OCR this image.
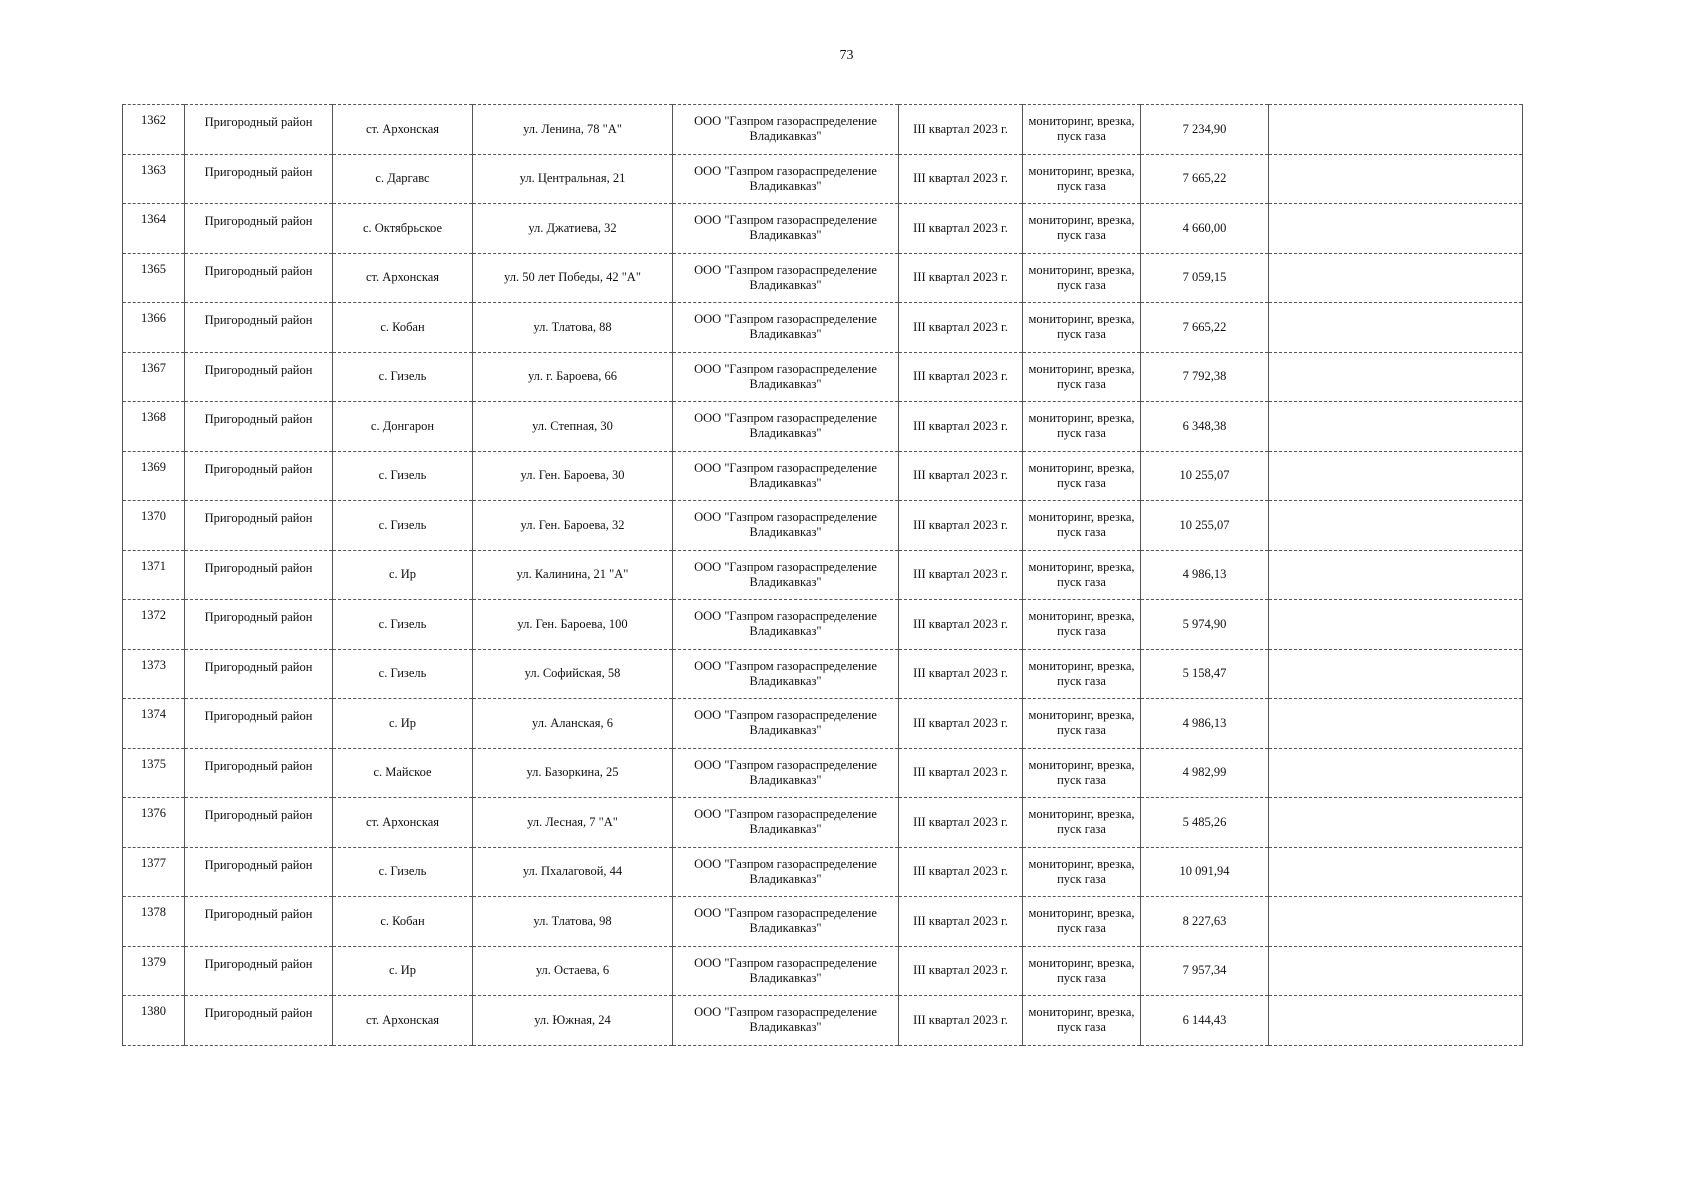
73
1362	Пригородный район	ст. Архонская	ул. Ленина, 78 "А"	ООО "Газпром газораспределение Владикавказ"	III квартал 2023 г.	мониторинг, врезка, пуск газа	7 234,90	
1363	Пригородный район	с. Даргавс	ул. Центральная, 21	ООО "Газпром газораспределение Владикавказ"	III квартал 2023 г.	мониторинг, врезка, пуск газа	7 665,22	
1364	Пригородный район	с. Октябрьское	ул. Джатиева, 32	ООО "Газпром газораспределение Владикавказ"	III квартал 2023 г.	мониторинг, врезка, пуск газа	4 660,00	
1365	Пригородный район	ст. Архонская	ул. 50 лет Победы, 42 "А"	ООО "Газпром газораспределение Владикавказ"	III квартал 2023 г.	мониторинг, врезка, пуск газа	7 059,15	
1366	Пригородный район	с. Кобан	ул. Тлатова, 88	ООО "Газпром газораспределение Владикавказ"	III квартал 2023 г.	мониторинг, врезка, пуск газа	7 665,22	
1367	Пригородный район	с. Гизель	ул. г. Бароева, 66	ООО "Газпром газораспределение Владикавказ"	III квартал 2023 г.	мониторинг, врезка, пуск газа	7 792,38	
1368	Пригородный район	с. Донгарон	ул. Степная, 30	ООО "Газпром газораспределение Владикавказ"	III квартал 2023 г.	мониторинг, врезка, пуск газа	6 348,38	
1369	Пригородный район	с. Гизель	ул. Ген. Бароева, 30	ООО "Газпром газораспределение Владикавказ"	III квартал 2023 г.	мониторинг, врезка, пуск газа	10 255,07	
1370	Пригородный район	с. Гизель	ул. Ген. Бароева, 32	ООО "Газпром газораспределение Владикавказ"	III квартал 2023 г.	мониторинг, врезка, пуск газа	10 255,07	
1371	Пригородный район	с. Ир	ул. Калинина, 21 "А"	ООО "Газпром газораспределение Владикавказ"	III квартал 2023 г.	мониторинг, врезка, пуск газа	4 986,13	
1372	Пригородный район	с. Гизель	ул. Ген. Бароева, 100	ООО "Газпром газораспределение Владикавказ"	III квартал 2023 г.	мониторинг, врезка, пуск газа	5 974,90	
1373	Пригородный район	с. Гизель	ул. Софийская, 58	ООО "Газпром газораспределение Владикавказ"	III квартал 2023 г.	мониторинг, врезка, пуск газа	5 158,47	
1374	Пригородный район	с. Ир	ул. Аланская, 6	ООО "Газпром газораспределение Владикавказ"	III квартал 2023 г.	мониторинг, врезка, пуск газа	4 986,13	
1375	Пригородный район	с. Майское	ул. Базоркина, 25	ООО "Газпром газораспределение Владикавказ"	III квартал 2023 г.	мониторинг, врезка, пуск газа	4 982,99	
1376	Пригородный район	ст. Архонская	ул. Лесная, 7 "А"	ООО "Газпром газораспределение Владикавказ"	III квартал 2023 г.	мониторинг, врезка, пуск газа	5 485,26	
1377	Пригородный район	с. Гизель	ул. Пхалаговой, 44	ООО "Газпром газораспределение Владикавказ"	III квартал 2023 г.	мониторинг, врезка, пуск газа	10 091,94	
1378	Пригородный район	с. Кобан	ул. Тлатова, 98	ООО "Газпром газораспределение Владикавказ"	III квартал 2023 г.	мониторинг, врезка, пуск газа	8 227,63	
1379	Пригородный район	с. Ир	ул. Остаева, 6	ООО "Газпром газораспределение Владикавказ"	III квартал 2023 г.	мониторинг, врезка, пуск газа	7 957,34	
1380	Пригородный район	ст. Архонская	ул. Южная, 24	ООО "Газпром газораспределение Владикавказ"	III квартал 2023 г.	мониторинг, врезка, пуск газа	6 144,43	
